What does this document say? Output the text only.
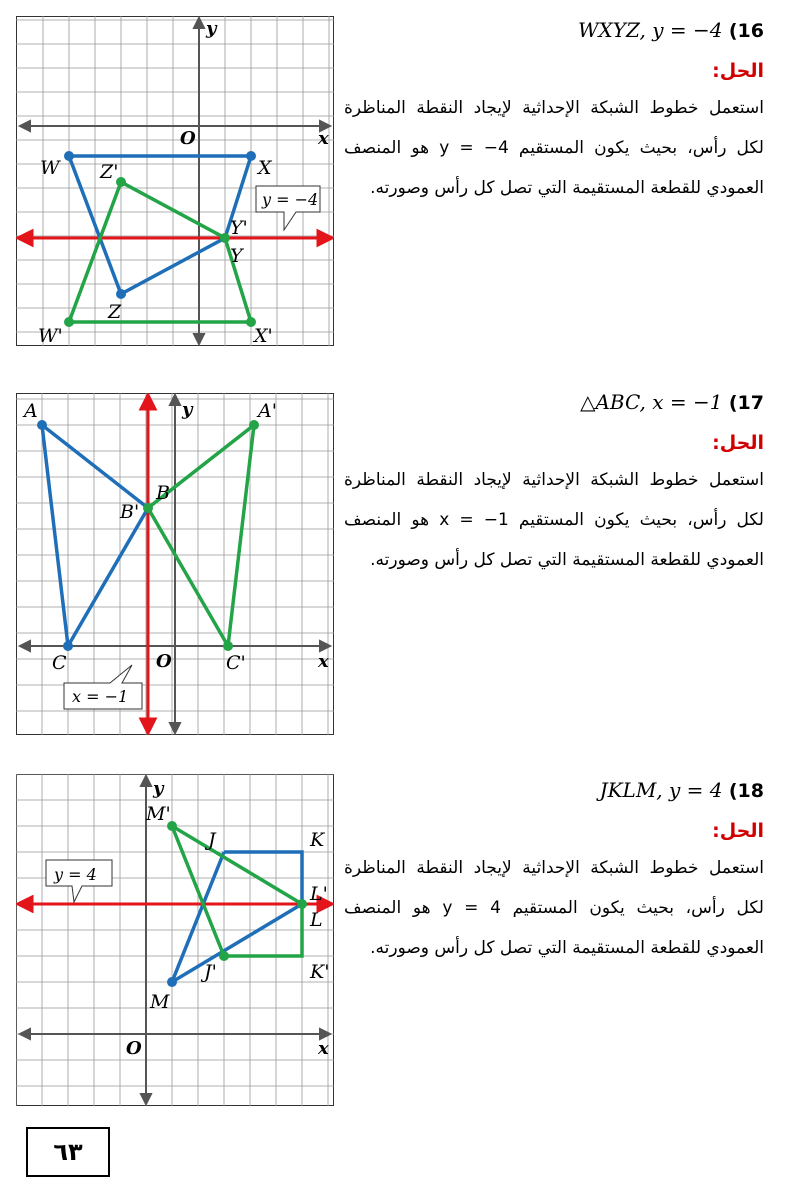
y
x
O
y = −4
W	X
Y
Z
Z'
Y'
W'	X'
WXYZ, y = −4 (16
الحل:
استعمل خطوط الشبكة الإحداثية لإيجاد النقطة المناظرة لكل رأس، بحيث يكون المستقيم y = −4 هو المنصف العمودي للقطعة المستقيمة التي تصل كل رأس وصورته.
y
x
O
x = −1
A
B
C
A'
B'
C'
△ABC, x = −1 (17
الحل:
استعمل خطوط الشبكة الإحداثية لإيجاد النقطة المناظرة لكل رأس، بحيث يكون المستقيم x = −1 هو المنصف العمودي للقطعة المستقيمة التي تصل كل رأس وصورته.
y
x
O
y = 4
J	K
L
M
M'
J'
L'
K'
JKLM, y = 4 (18
الحل:
استعمل خطوط الشبكة الإحداثية لإيجاد النقطة المناظرة لكل رأس، بحيث يكون المستقيم y = 4 هو المنصف العمودي للقطعة المستقيمة التي تصل كل رأس وصورته.
٦٣
